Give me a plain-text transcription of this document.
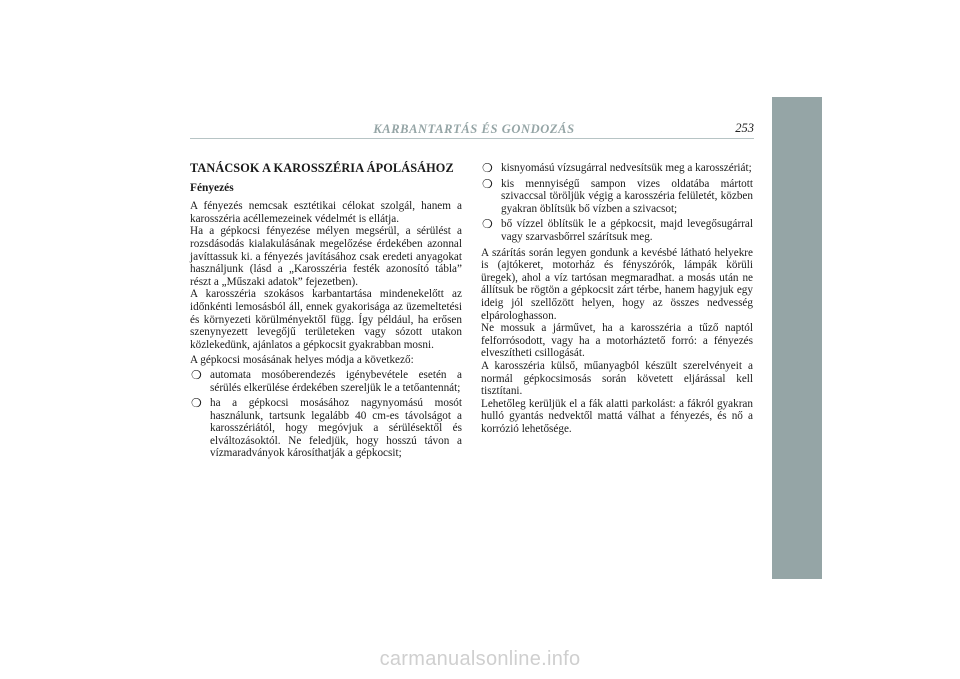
KARBANTARTÁS ÉS GONDOZÁS	253
TANÁCSOK A KAROSSZÉRIA ÁPOLÁSÁHOZ
Fényezés

A fényezés nemcsak esztétikai célokat szolgál, hanem a karosszéria acéllemezeinek védelmét is ellátja.

Ha a gépkocsi fényezése mélyen megsérül, a sérülést a rozsdásodás kialakulásának megelőzése érdekében azonnal javíttassuk ki. a fényezés javításához csak eredeti anyagokat használjunk (lásd a „Karosszéria festék azonosító tábla” részt a „Műszaki adatok” fejezetben).

A karosszéria szokásos karbantartása mindenekelőtt az időnkénti lemosásból áll, ennek gyakorisága az üzemeltetési és környezeti körülményektől függ. Így például, ha erősen szenynyezett levegőjű területeken vagy sózott utakon közlekedünk, ajánlatos a gépkocsit gyakrabban mosni.

A gépkocsi mosásának helyes módja a következő:

❍ automata mosóberendezés igénybevétele esetén a sérülés elkerülése érdekében szereljük le a tetőantennát;
❍ ha a gépkocsi mosásához nagynyomású mosót használunk, tartsunk legalább 40 cm-es távolságot a karosszériától, hogy megóvjuk a sérülésektől és elváltozásoktól. Ne feledjük, hogy hosszú távon a vízmaradványok károsíthatják a gépkocsit;
❍ kisnyomású vízsugárral nedvesítsük meg a karosszériát;
❍ kis mennyiségű sampon vizes oldatába mártott szivaccsal töröljük végig a karosszéria felületét, közben gyakran öblítsük bő vízben a szivacsot;
❍ bő vízzel öblítsük le a gépkocsit, majd levegősugárral vagy szarvasbőrrel szárítsuk meg.

A szárítás során legyen gondunk a kevésbé látható helyekre is (ajtókeret, motorház és fényszórók, lámpák körüli üregek), ahol a víz tartósan megmaradhat. a mosás után ne állítsuk be rögtön a gépkocsit zárt térbe, hanem hagyjuk egy ideig jól szellőzött helyen, hogy az összes nedvesség elpárologhasson.

Ne mossuk a járművet, ha a karosszéria a tűző naptól felforrósodott, vagy ha a motorháztető forró: a fényezés elveszítheti csillogását.

A karosszéria külső, műanyagból készült szerelvényeit a normál gépkocsimosás során követett eljárással kell tisztítani.

Lehetőleg kerüljük el a fák alatti parkolást: a fákról gyakran hulló gyantás nedvektől mattá válhat a fényezés, és nő a korrózió lehetősége.

carmanualsonline.info
